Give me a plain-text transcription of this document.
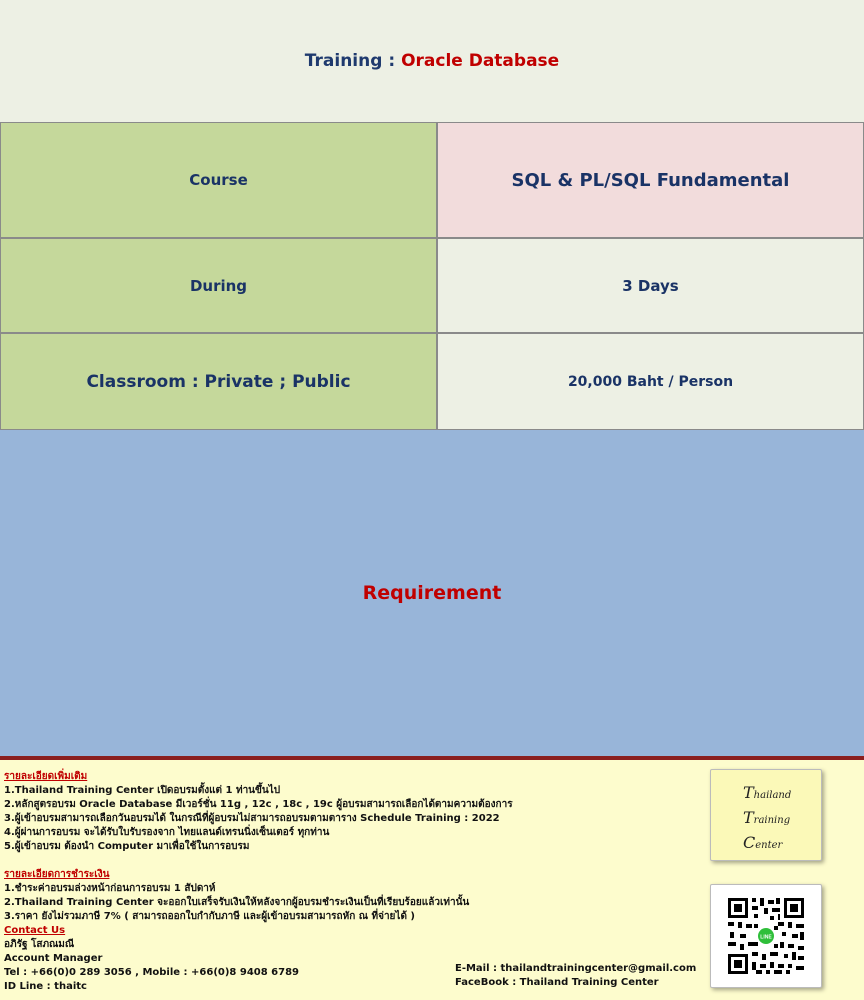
Training :
Oracle Database
Course	SQL & PL/SQL Fundamental
During	3 Days
Classroom : Private ; Public	20,000 Baht / Person
Requirement
รายละเอียดเพิ่มเติม
1.Thailand Training Center เปิดอบรมตั้งแต่ 1 ท่านขึ้นไป
2.หลักสูตรอบรม Oracle Database มีเวอร์ชั่น 11g , 12c , 18c , 19c ผู้อบรมสามารถเลือกได้ตามความต้องการ
3.ผู้เข้าอบรมสามารถเลือกวันอบรมได้ ในกรณีที่ผู้อบรมไม่สามารถอบรมตามตาราง Schedule Training : 2022
4.ผู้ผ่านการอบรม จะได้รับใบรับรองจาก ไทยแลนด์เทรนนิ่งเซ็นเตอร์ ทุกท่าน
5.ผู้เข้าอบรม ต้องนำ Computer มาเพื่อใช้ในการอบรม
รายละเอียดการชำระเงิน
1.ชำระค่าอบรมล่วงหน้าก่อนการอบรม 1 สัปดาห์
2.Thailand Training Center จะออกใบเสร็จรับเงินให้หลังจากผู้อบรมชำระเงินเป็นที่เรียบร้อยแล้วเท่านั้น
3.ราคา ยังไม่รวมภาษี 7% ( สามารถออกใบกำกับภาษี และผู้เข้าอบรมสามารถหัก ณ ที่จ่ายได้ )
Contact Us
อภิรัฐ โสภณมณี
Account Manager
Tel : +66(0)0 289 3056 , Mobile : +66(0)8 9408 6789
ID Line : thaitc
E-Mail : thailandtrainingcenter@gmail.com
FaceBook : Thailand Training Center
Thailand
Training
Center
LINE
